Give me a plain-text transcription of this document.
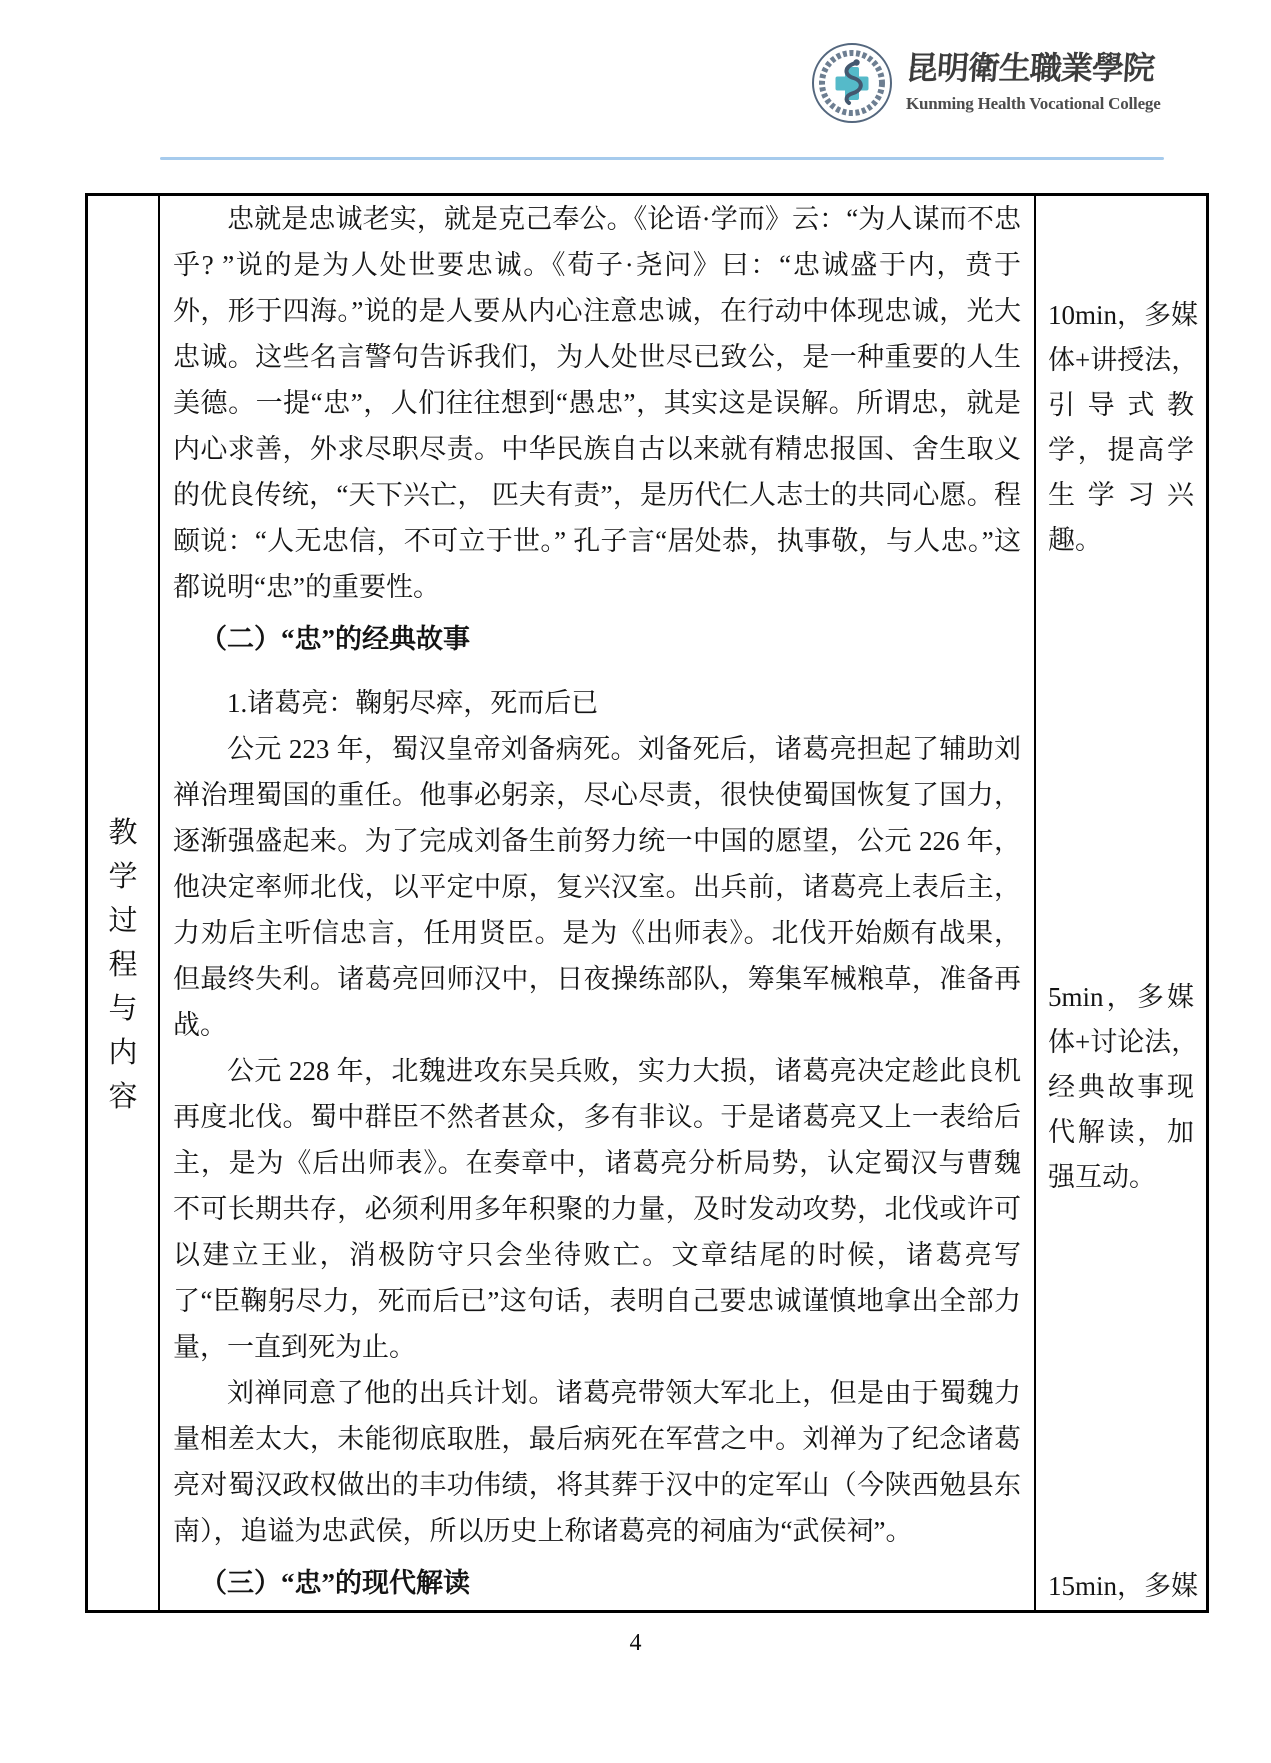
昆明衛生職業學院
Kunming Health Vocational College
教
学
过
程
与
内
容

忠就是忠诚老实，就是克己奉公。《论语·学而》云：“为人谋而不忠乎? ”说的是为人处世要忠诚。《荀子·尧问》曰：“忠诚盛于内，贲于外，形于四海。”说的是人要从内心注意忠诚，在行动中体现忠诚，光大忠诚。这些名言警句告诉我们，为人处世尽已致公，是一种重要的人生美德。一提“忠”，人们往往想到“愚忠”，其实这是误解。所谓忠，就是内心求善，外求尽职尽责。中华民族自古以来就有精忠报国、舍生取义的优良传统，“天下兴亡， 匹夫有责”，是历代仁人志士的共同心愿。程颐说：“人无忠信，不可立于世。” 孔子言“居处恭，执事敬，与人忠。”这都说明“忠”的重要性。

（二）“忠”的经典故事
1.诸葛亮：鞠躬尽瘁，死而后已

公元 223 年，蜀汉皇帝刘备病死。刘备死后，诸葛亮担起了辅助刘禅治理蜀国的重任。他事必躬亲，尽心尽责，很快使蜀国恢复了国力，逐渐强盛起来。为了完成刘备生前努力统一中国的愿望，公元 226 年，他决定率师北伐，以平定中原，复兴汉室。出兵前，诸葛亮上表后主，力劝后主听信忠言，任用贤臣。是为《出师表》。北伐开始颇有战果，但最终失利。诸葛亮回师汉中，日夜操练部队，筹集军械粮草，准备再战。

公元 228 年，北魏进攻东吴兵败，实力大损，诸葛亮决定趁此良机再度北伐。蜀中群臣不然者甚众，多有非议。于是诸葛亮又上一表给后主，是为《后出师表》。在奏章中，诸葛亮分析局势，认定蜀汉与曹魏不可长期共存，必须利用多年积聚的力量，及时发动攻势，北伐或许可以建立王业，消极防守只会坐待败亡。文章结尾的时候，诸葛亮写了“臣鞠躬尽力，死而后已”这句话，表明自己要忠诚谨慎地拿出全部力量，一直到死为止。

刘禅同意了他的出兵计划。诸葛亮带领大军北上，但是由于蜀魏力量相差太大，未能彻底取胜，最后病死在军营之中。刘禅为了纪念诸葛亮对蜀汉政权做出的丰功伟绩，将其葬于汉中的定军山（今陕西勉县东南），追谥为忠武侯，所以历史上称诸葛亮的祠庙为“武侯祠”。

（三）“忠”的现代解读
10min，多媒
体+讲授法，
引导式教
学，提高学
生学习兴
趣。
5min，多媒
体+讨论法，
经典故事现
代解读，加
强互动。
15min，多媒
4
